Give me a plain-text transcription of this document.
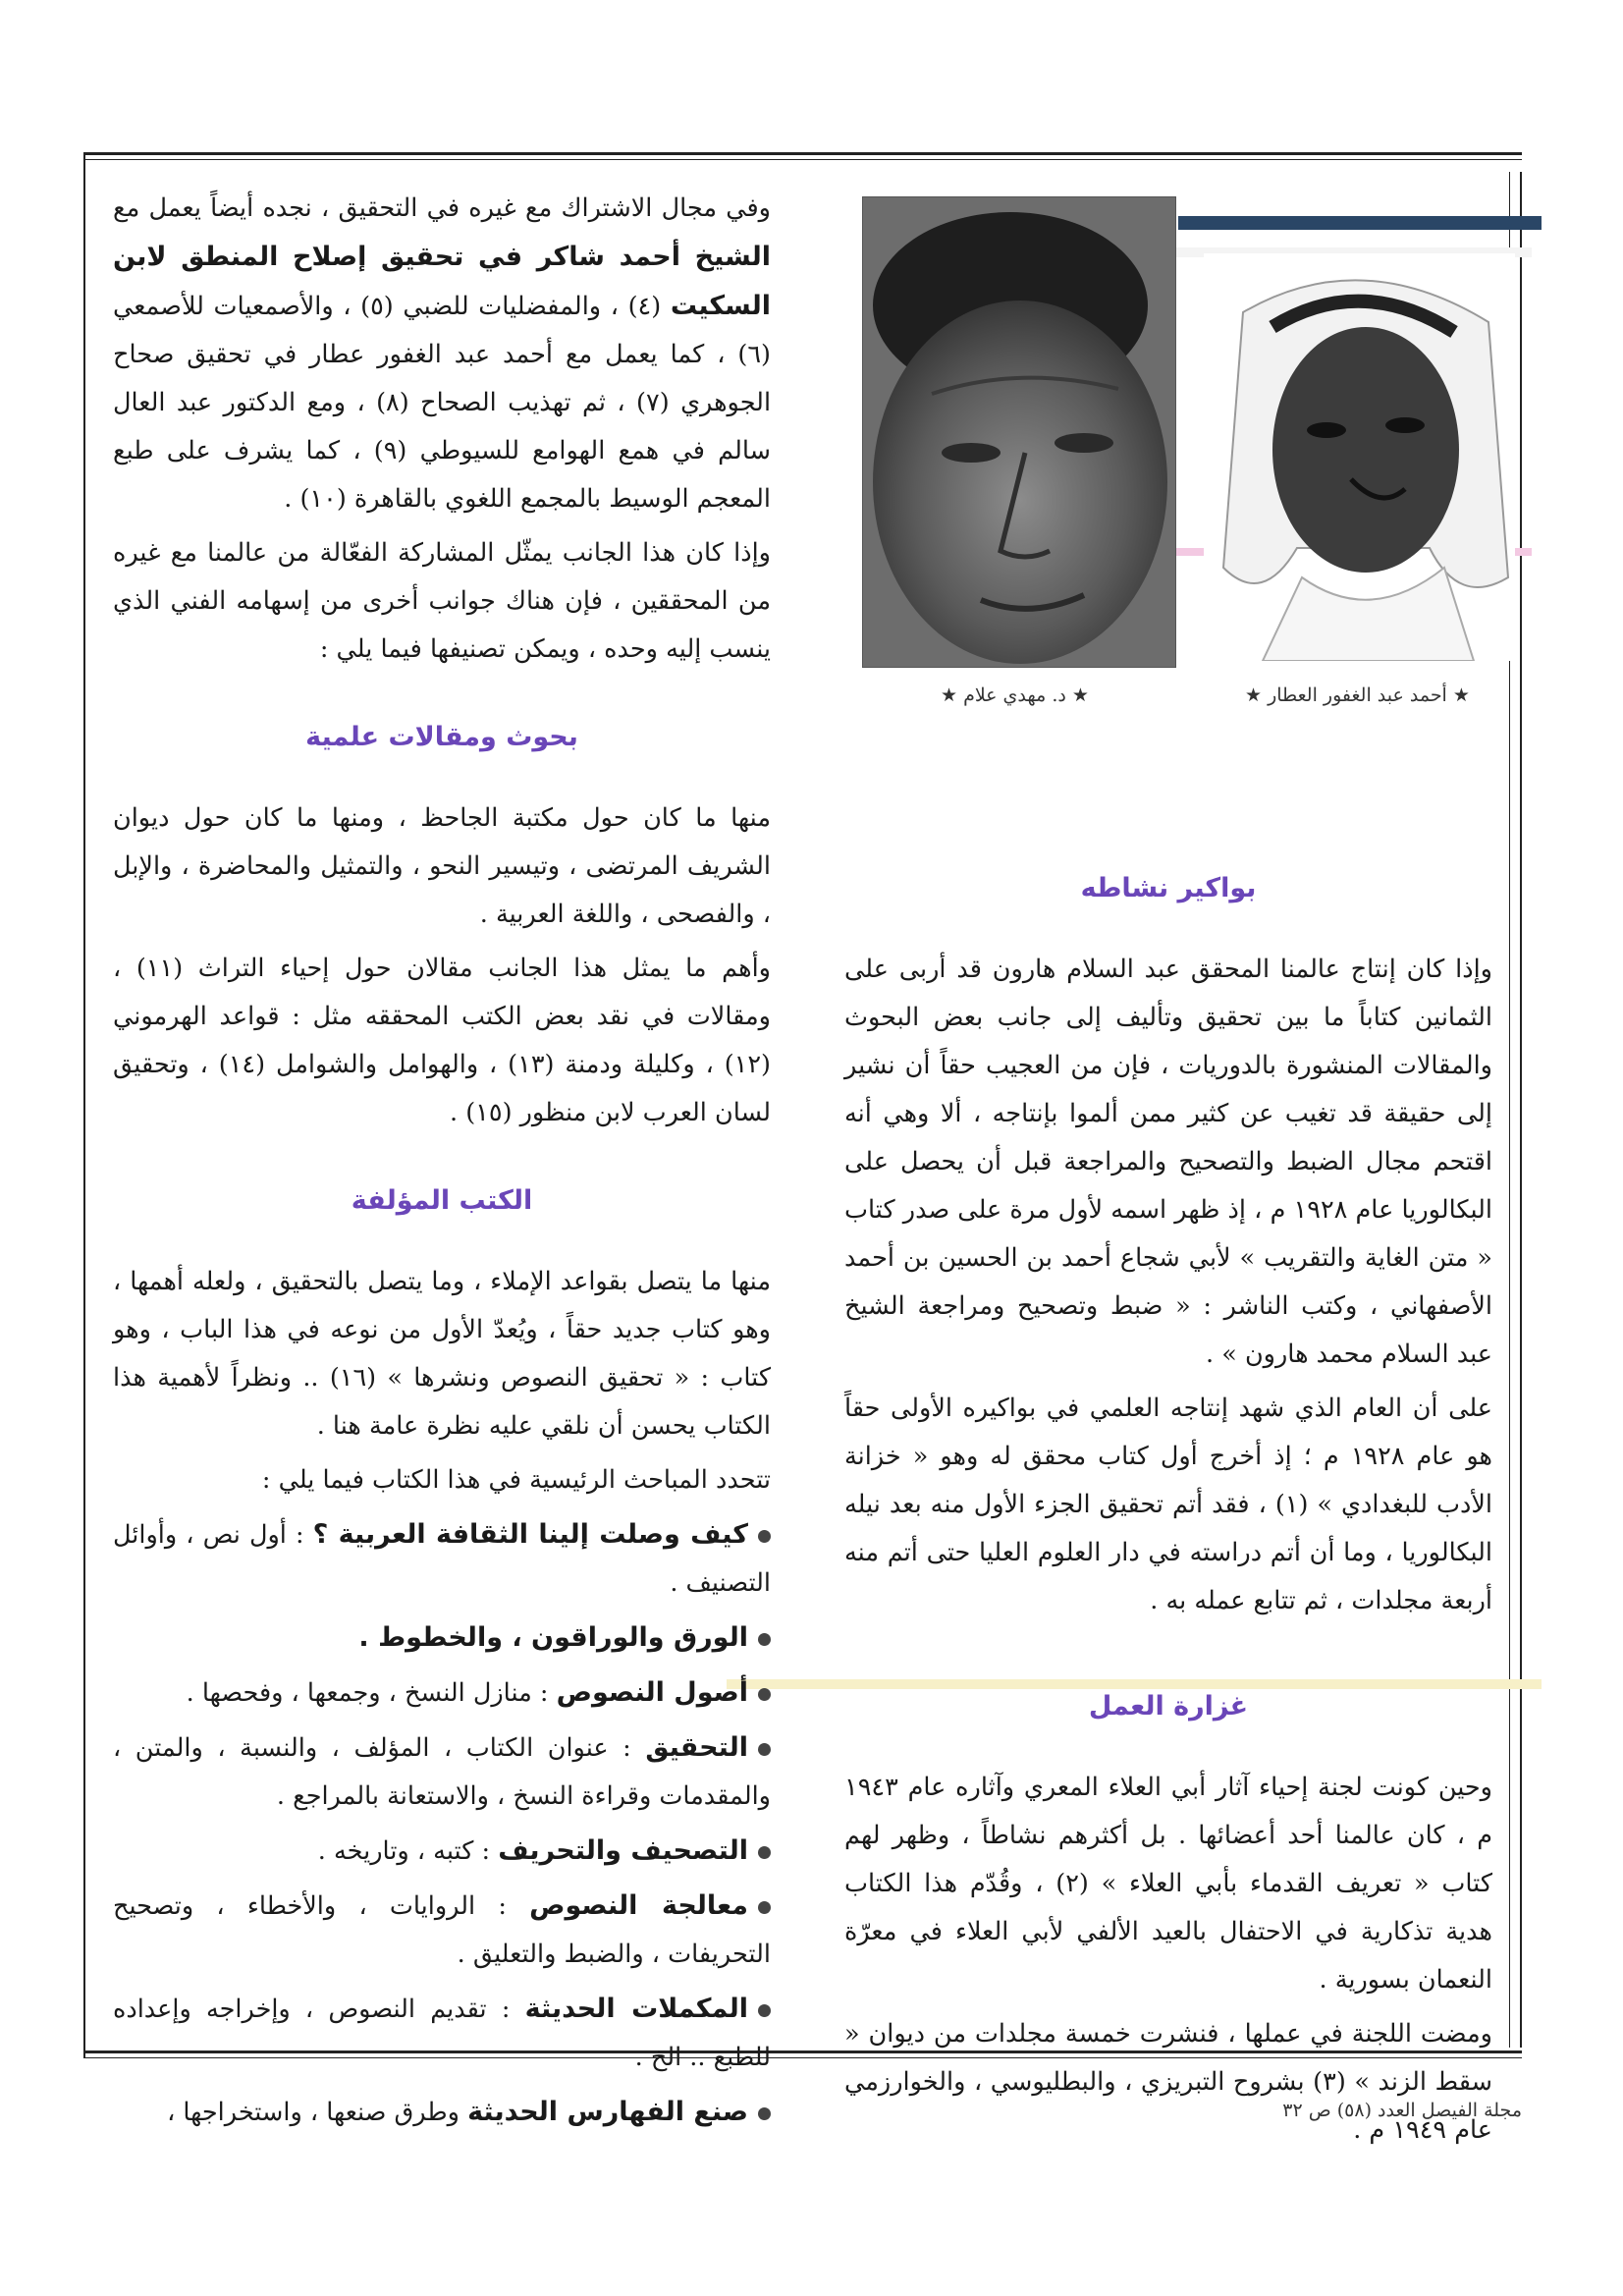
★ د. مهدي علام ★	★ أحمد عبد الغفور العطار ★
بواكير نشاطه

وإذا كان إنتاج عالمنا المحقق عبد السلام هارون قد أربى على الثمانين كتاباً ما بين تحقيق وتأليف إلى جانب بعض البحوث والمقالات المنشورة بالدوريات ، فإن من العجيب حقاً أن نشير إلى حقيقة قد تغيب عن كثير ممن ألموا بإنتاجه ، ألا وهي أنه اقتحم مجال الضبط والتصحيح والمراجعة قبل أن يحصل على البكالوريا عام ١٩٢٨ م ، إذ ظهر اسمه لأول مرة على صدر كتاب « متن الغاية والتقريب » لأبي شجاع أحمد بن الحسين بن أحمد الأصفهاني ، وكتب الناشر : « ضبط وتصحيح ومراجعة الشيخ عبد السلام محمد هارون » .

على أن العام الذي شهد إنتاجه العلمي في بواكيره الأولى حقاً هو عام ١٩٢٨ م ؛ إذ أخرج أول كتاب محقق له وهو « خزانة الأدب للبغدادي » (١) ، فقد أتم تحقيق الجزء الأول منه بعد نيله البكالوريا ، وما أن أتم دراسته في دار العلوم العليا حتى أتم منه أربعة مجلدات ، ثم تتابع عمله به .

غزارة العمل

وحين كونت لجنة إحياء آثار أبي العلاء المعري وآثاره عام ١٩٤٣ م ، كان عالمنا أحد أعضائها . بل أكثرهم نشاطاً ، وظهر لهم كتاب « تعريف القدماء بأبي العلاء » (٢) ، وقُدّم هذا الكتاب هدية تذكارية في الاحتفال بالعيد الألفي لأبي العلاء في معرّة النعمان بسورية .

ومضت اللجنة في عملها ، فنشرت خمسة مجلدات من ديوان « سقط الزند » (٣) بشروح التبريزي ، والبطليوسي ، والخوارزمي عام ١٩٤٩ م .

وفي مجال الاشتراك مع غيره في التحقيق ، نجده أيضاً يعمل مع الشيخ أحمد شاكر في تحقيق إصلاح المنطق لابن السكيت (٤) ، والمفضليات للضبي (٥) ، والأصمعيات للأصمعي (٦) ، كما يعمل مع أحمد عبد الغفور عطار في تحقيق صحاح الجوهري (٧) ، ثم تهذيب الصحاح (٨) ، ومع الدكتور عبد العال سالم في همع الهوامع للسيوطي (٩) ، كما يشرف على طبع المعجم الوسيط بالمجمع اللغوي بالقاهرة (١٠) .

وإذا كان هذا الجانب يمثّل المشاركة الفعّالة من عالمنا مع غيره من المحققين ، فإن هناك جوانب أخرى من إسهامه الفني الذي ينسب إليه وحده ، ويمكن تصنيفها فيما يلي :

بحوث ومقالات علمية

منها ما كان حول مكتبة الجاحظ ، ومنها ما كان حول ديوان الشريف المرتضى ، وتيسير النحو ، والتمثيل والمحاضرة ، والإبل ، والفصحى ، واللغة العربية .

وأهم ما يمثل هذا الجانب مقالان حول إحياء التراث (١١) ، ومقالات في نقد بعض الكتب المحققه مثل : قواعد الهرموني (١٢) ، وكليلة ودمنة (١٣) ، والهوامل والشوامل (١٤) ، وتحقيق لسان العرب لابن منظور (١٥) .

الكتب المؤلفة

منها ما يتصل بقواعد الإملاء ، وما يتصل بالتحقيق ، ولعله أهمها ، وهو كتاب جديد حقاً ، ويُعدّ الأول من نوعه في هذا الباب ، وهو كتاب : « تحقيق النصوص ونشرها » (١٦) .. ونظراً لأهمية هذا الكتاب يحسن أن نلقي عليه نظرة عامة هنا .

تتحدد المباحث الرئيسية في هذا الكتاب فيما يلي :

كيف وصلت إلينا الثقافة العربية ؟ : أول نص ، وأوائل التصنيف .
الورق والوراقون ، والخطوط .
أصول النصوص : منازل النسخ ، وجمعها ، وفحصها .
التحقيق : عنوان الكتاب ، المؤلف ، والنسبة ، والمتن ، والمقدمات وقراءة النسخ ، والاستعانة بالمراجع .
التصحيف والتحريف : كتبه ، وتاريخه .
معالجة النصوص : الروايات ، والأخطاء ، وتصحيح التحريفات ، والضبط والتعليق .
المكملات الحديثة : تقديم النصوص ، وإخراجه وإعداده للطبع .. الخ .
صنع الفهارس الحديثة وطرق صنعها ، واستخراجها ،	مجلة الفيصل العدد (٥٨) ص ٣٢
